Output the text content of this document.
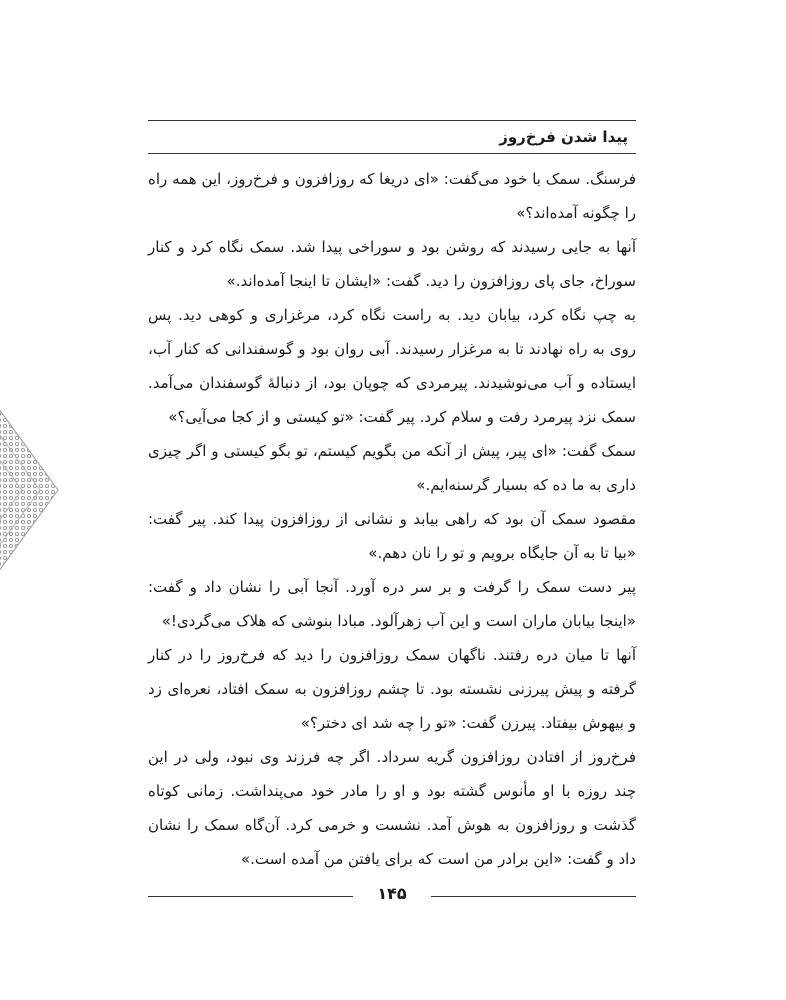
پیدا شدن فرخ‌روز

فرسنگ. سمک با خود می‌گفت: «ای دریغا که روزافزون و فرخ‌روز، این همه راه را چگونه آمده‌اند؟»

آنها به جایی رسیدند که روشن بود و سوراخی پیدا شد. سمک نگاه کرد و کنار سوراخ، جای پای روزافزون را دید. گفت: «ایشان تا اینجا آمده‌اند.»

به چپ نگاه کرد، بیابان دید. به راست نگاه کرد، مرغزاری و کوهی دید. پس روی به راه نهادند تا به مرغزار رسیدند. آبی روان بود و گوسفندانی که کنار آب، ایستاده و آب می‌نوشیدند. پیرمردی که چوپان بود، از دنبالهٔ گوسفندان می‌آمد. سمک نزد پیرمرد رفت و سلام کرد. پیر گفت: «تو کیستی و از کجا می‌آیی؟»

سمک گفت: «ای پیر، پیش از آنکه من بگویم کیستم، تو بگو کیستی و اگر چیزی داری به ما ده که بسیار گرسنه‌ایم.»

مقصود سمک آن بود که راهی بیابد و نشانی از روزافزون پیدا کند. پیر گفت: «بیا تا به آن جایگاه برویم و تو را نان دهم.»

پیر دست سمک را گرفت و بر سر دره آورد. آنجا آبی را نشان داد و گفت: «اینجا بیابان ماران است و این آب زهرآلود. مبادا بنوشی که هلاک می‌گردی!»

آنها تا میان دره رفتند. ناگهان سمک روزافزون را دید که فرخ‌روز را در کنار گرفته و پیش پیرزنی نشسته بود. تا چشم روزافزون به سمک افتاد، نعره‌ای زد و بیهوش بیفتاد. پیرزن گفت: «تو را چه شد ای دختر؟»

فرخ‌روز از افتادن روزافزون گریه سرداد. اگر چه فرزند وی نبود، ولی در این چند روزه با او مأنوس گشته بود و او را مادر خود می‌پنداشت. زمانی کوتاه گذشت و روزافزون به هوش آمد. نشست و خرمی کرد. آن‌گاه سمک را نشان داد و گفت: «این برادر من است که برای یافتن من آمده است.»

۱۴۵
